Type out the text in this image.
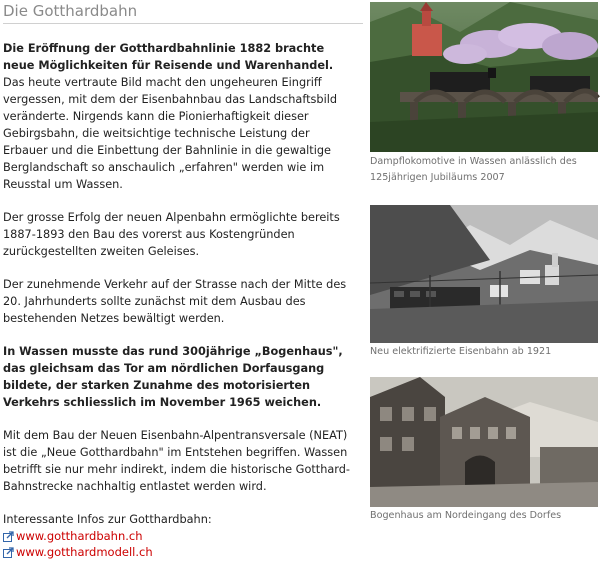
Die Gotthardbahn

Die Eröffnung der Gotthardbahnlinie 1882 brachte neue Möglichkeiten für Reisende und Warenhandel. Das heute vertraute Bild macht den ungeheuren Eingriff vergessen, mit dem der Eisenbahnbau das Landschaftsbild veränderte. Nirgends kann die Pionierhaftigkeit dieser Gebirgsbahn, die weitsichtige technische Leistung der Erbauer und die Einbettung der Bahnlinie in die gewaltige Berglandschaft so anschaulich „erfahren" werden wie im Reusstal um Wassen.

Der grosse Erfolg der neuen Alpenbahn ermöglichte bereits 1887-1893 den Bau des vorerst aus Kostengründen zurückgestellten zweiten Geleises.

Der zunehmende Verkehr auf der Strasse nach der Mitte des 20. Jahrhunderts sollte zunächst mit dem Ausbau des bestehenden Netzes bewältigt werden.

In Wassen musste das rund 300jährige „Bogenhaus", das gleichsam das Tor am nördlichen Dorfausgang bildete, der starken Zunahme des motorisierten Verkehrs schliesslich im November 1965 weichen.

Mit dem Bau der Neuen Eisenbahn-Alpentransversale (NEAT) ist die „Neue Gotthardbahn" im Entstehen begriffen. Wassen betrifft sie nur mehr indirekt, indem die historische Gotthard-Bahnstrecke nachhaltig entlastet werden wird.

Interessante Infos zur Gotthardbahn:

www.gotthardbahn.ch
www.gotthardmodell.ch
Dampflokomotive in Wassen anlässlich des 125jährigen Jubiläums 2007
Neu elektrifizierte Eisenbahn ab 1921
Bogenhaus am Nordeingang des Dorfes
